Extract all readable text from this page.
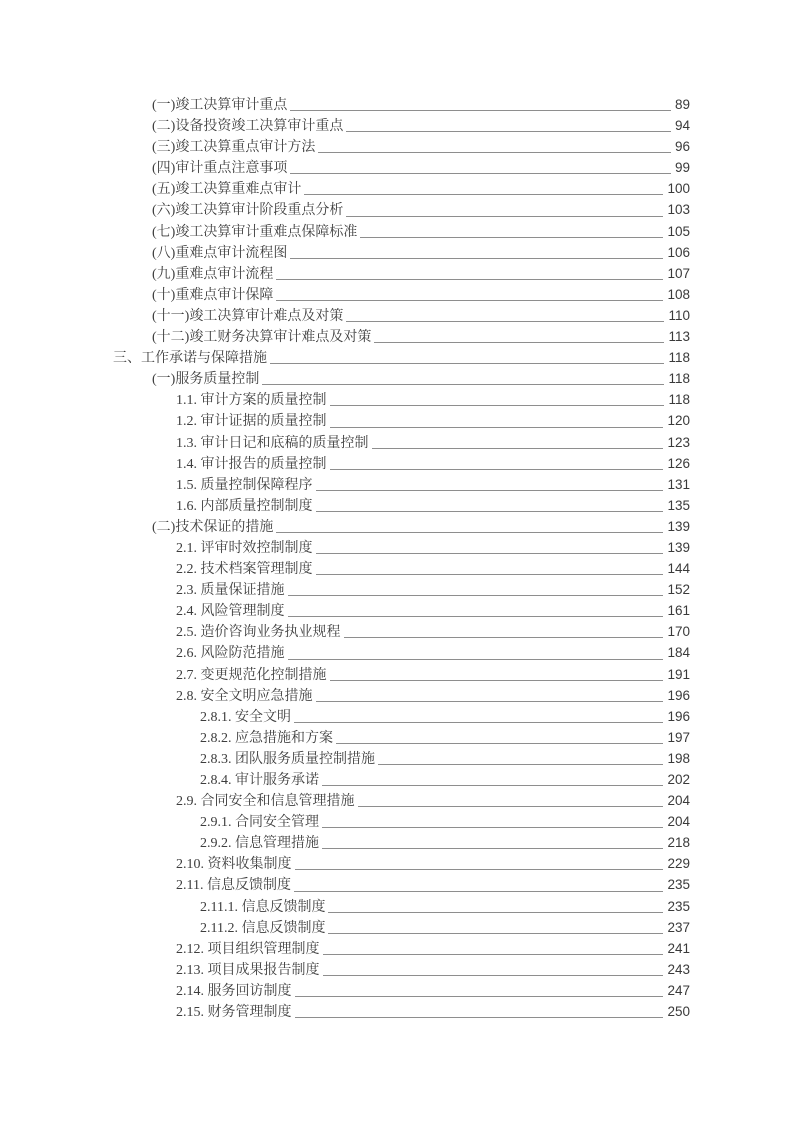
(一)竣工决算审计重点	89
(二)设备投资竣工决算审计重点	94
(三)竣工决算重点审计方法	96
(四)审计重点注意事项	99
(五)竣工决算重难点审计	100
(六)竣工决算审计阶段重点分析	103
(七)竣工决算审计重难点保障标准	105
(八)重难点审计流程图	106
(九)重难点审计流程	107
(十)重难点审计保障	108
(十一)竣工决算审计难点及对策	110
(十二)竣工财务决算审计难点及对策	113
三、工作承诺与保障措施	118
(一)服务质量控制	118
1.1. 审计方案的质量控制	118
1.2. 审计证据的质量控制	120
1.3. 审计日记和底稿的质量控制	123
1.4. 审计报告的质量控制	126
1.5. 质量控制保障程序	131
1.6. 内部质量控制制度	135
(二)技术保证的措施	139
2.1. 评审时效控制制度	139
2.2. 技术档案管理制度	144
2.3. 质量保证措施	152
2.4. 风险管理制度	161
2.5. 造价咨询业务执业规程	170
2.6. 风险防范措施	184
2.7. 变更规范化控制措施	191
2.8. 安全文明应急措施	196
2.8.1. 安全文明	196
2.8.2. 应急措施和方案	197
2.8.3. 团队服务质量控制措施	198
2.8.4. 审计服务承诺	202
2.9. 合同安全和信息管理措施	204
2.9.1. 合同安全管理	204
2.9.2. 信息管理措施	218
2.10. 资料收集制度	229
2.11. 信息反馈制度	235
2.11.1. 信息反馈制度	235
2.11.2. 信息反馈制度	237
2.12. 项目组织管理制度	241
2.13. 项目成果报告制度	243
2.14. 服务回访制度	247
2.15. 财务管理制度	250
